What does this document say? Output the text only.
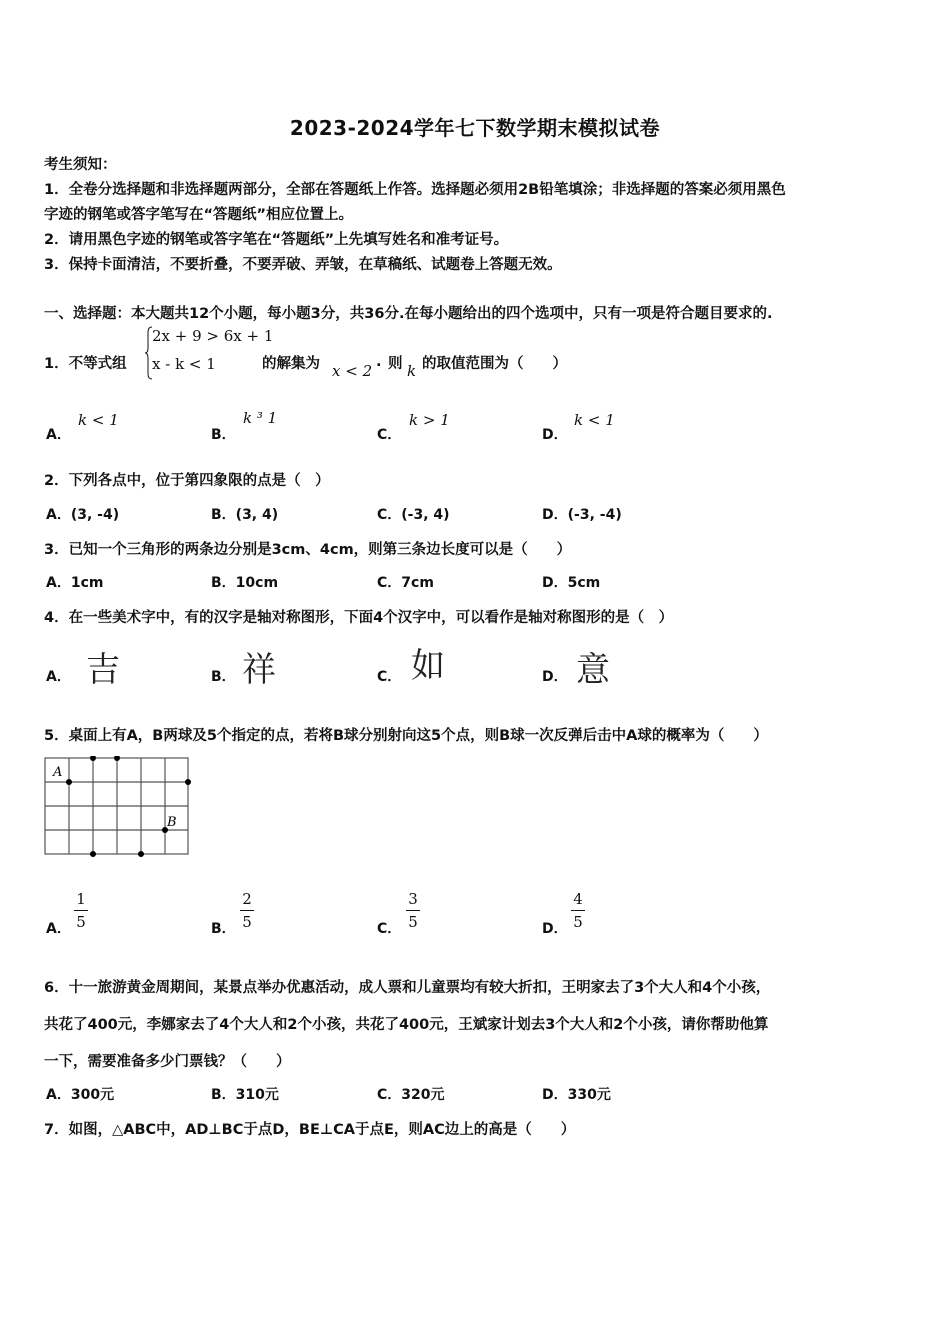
2023-2024学年七下数学期末模拟试卷
考生须知：
1．全卷分选择题和非选择题两部分，全部在答题纸上作答。选择题必须用2B铅笔填涂；非选择题的答案必须用黑色
字迹的钢笔或答字笔写在“答题纸”相应位置上。
2．请用黑色字迹的钢笔或答字笔在“答题纸”上先填写姓名和准考证号。
3．保持卡面清洁，不要折叠，不要弄破、弄皱，在草稿纸、试题卷上答题无效。
一、选择题：本大题共12个小题，每小题3分，共36分.在每小题给出的四个选项中，只有一项是符合题目要求的.
1．不等式组
2x + 9 > 6x + 1
x - k < 1	的解集为 x < 2 . 则 k 的取值范围为（　　）
A．
k < 1
B．
k ³ 1
C．
k > 1
D．
k < 1
2．下列各点中，位于第四象限的点是（　）
A．(3, -4)	B．(3, 4)	C．(-3, 4)	D．(-3, -4)
3．已知一个三角形的两条边分别是3cm、4cm，则第三条边长度可以是（　　）
A．1cm	B．10cm	C．7cm	D．5cm
4．在一些美术字中，有的汉字是轴对称图形，下面4个汉字中，可以看作是轴对称图形的是（　）
A． 吉	B． 祥	C． 如	D． 意
5．桌面上有A，B两球及5个指定的点，若将B球分别射向这5个点，则B球一次反弹后击中A球的概率为（　　）
A
B
A．
1
5	B．
2
5	C．
3
5	D．
4
5
6．十一旅游黄金周期间，某景点举办优惠活动，成人票和儿童票均有较大折扣，王明家去了3个大人和4个小孩，
共花了400元，李娜家去了4个大人和2个小孩，共花了400元，王斌家计划去3个大人和2个小孩，请你帮助他算
一下，需要准备多少门票钱？（　　）
A．300元	B．310元	C．320元	D．330元
7．如图，△ABC中，AD⊥BC于点D，BE⊥CA于点E，则AC边上的高是（　　）
